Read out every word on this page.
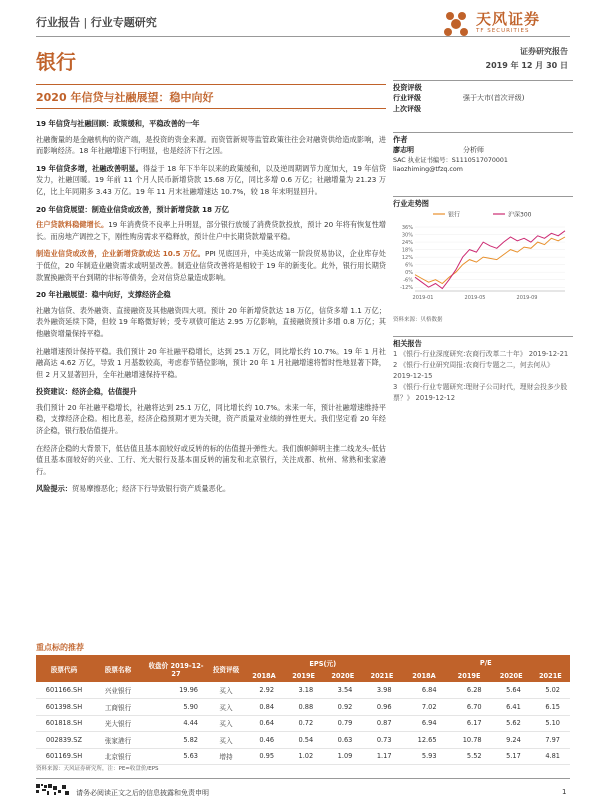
行业报告 | 行业专题研究	天风证券
TF SECURITIES
银行	证券研究报告
2019 年 12 月 30 日
2020 年信贷与社融展望：稳中向好
19 年信贷与社融回顾：政策缓和，平稳改善的一年

社融衡量的是金融机构的资产端，是投资的资金来源。而资管新规等监管政策往往会对融资供给造成影响，进而影响经济。18 年社融增速下行明显，也是经济下行之因。

19 年信贷多增，社融改善明显。得益于 18 年下半年以来的政策缓和，以及逆周期调节力度加大，19 年信贷发力，社融回暖。19 年前 11 个月人民币新增贷款 15.68 万亿，同比多增 0.6 万亿；社融增量为 21.23 万亿，比上年同期多 3.43 万亿。19 年 11 月末社融增速达 10.7%，较 18 年末明显回升。

20 年信贷展望：制造业信贷或改善，预计新增贷款 18 万亿

住户贷款料稳健增长。19 年消费贷不良率上升明显，部分银行放缓了消费贷款投放，预计 20 年将有恢复性增长。而房地产调控之下，刚性购房需求平稳释放，预计住户中长期贷款增量平稳。

制造业信贷或改善，企业新增贷款或达 10.5 万亿。PPI 见底回升，中美达成第一阶段贸易协议，企业库存处于低位，20 年制造业融资需求或明显改善。制造业信贷改善将是相较于 19 年的新变化。此外，银行用长期贷款置换融资平台到期的非标等债务，会对信贷总量造成影响。

20 年社融展望：稳中向好，支撑经济企稳

社融为信贷、表外融资、直接融资及其他融资四大项。预计 20 年新增贷款达 18 万亿，信贷多增 1.1 万亿；表外融资延续下降，但较 19 年略微好转；受专项债可能达 2.95 万亿影响，直接融资预计多增 0.8 万亿；其他融资增量保持平稳。

社融增速预计保持平稳。我们预计 20 年社融平稳增长，达到 25.1 万亿，同比增长约 10.7%。19 年 1 月社融高达 4.62 万亿，导致 1 月基数较高，考虑春节错位影响，预计 20 年 1 月社融增速将暂时性地显著下降，但 2 月又显著回升，全年社融增速保持平稳。

投资建议：经济企稳，估值提升

我们预计 20 年社融平稳增长，社融将达到 25.1 万亿，同比增长约 10.7%。未来一年，预计社融增速维持平稳，支撑经济企稳。相比息差，经济企稳预期才更为关键，资产质量对业绩的弹性更大。我们坚定看 20 年经济企稳，银行股估值提升。

在经济企稳的大背景下，低估值且基本面较好或反转的标的估值提升弹性大。我们旗帜鲜明主推二线龙头-低估值且基本面较好的兴业、工行、光大银行及基本面反转的浦发和北京银行，关注成都、杭州、常熟和张家港行。

风险提示：贸易摩擦恶化；经济下行导致银行资产质量恶化。

投资评级
行业评级	强于大市(首次评级)
上次评级
作者
廖志明	分析师
SAC 执业证书编号：S1110517070001
liaozhiming@tfzq.com
行业走势图
银行	沪深300
36%
30%
24%
18%
12%
6%
0%
-6%
-12%
2019-01	2019-05	2019-09
资料来源：贝格数据
相关报告
1 《银行-行业深度研究:农商行改革二十年》 2019-12-21
2 《银行-行业研究周报:农商行专题之二，何去何从》 2019-12-15
3 《银行-行业专题研究:理财子公司时代，理财会投多少股票？》 2019-12-12
重点标的推荐
股票代码	股票名称	收盘价 2019-12-27	投资评级	EPS(元)				P/E			
				2018A	2019E	2020E	2021E	2018A	2019E	2020E	2021E
601166.SH	兴业银行	19.96	买入	2.92	3.18	3.54	3.98	6.84	6.28	5.64	5.02
601398.SH	工商银行	5.90	买入	0.84	0.88	0.92	0.96	7.02	6.70	6.41	6.15
601818.SH	光大银行	4.44	买入	0.64	0.72	0.79	0.87	6.94	6.17	5.62	5.10
002839.SZ	张家港行	5.82	买入	0.46	0.54	0.63	0.73	12.65	10.78	9.24	7.97
601169.SH	北京银行	5.63	增持	0.95	1.02	1.09	1.17	5.93	5.52	5.17	4.81
资料来源：天风证券研究所，注：PE=收盘价/EPS
请务必阅读正文之后的信息披露和免责申明	1
